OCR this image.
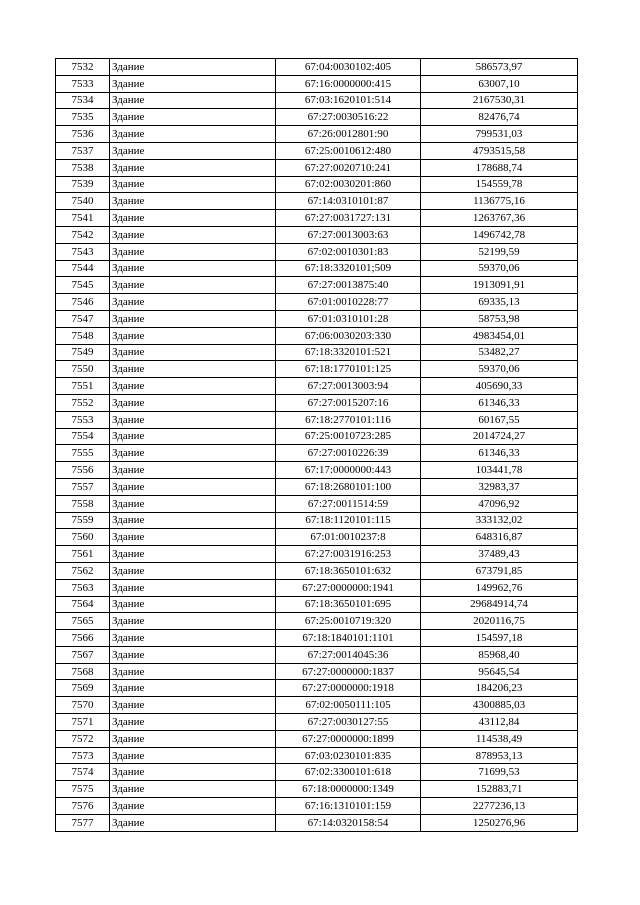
7532	Здание	67:04:0030102:405	586573,97
7533	Здание	67:16:0000000:415	63007,10
7534	Здание	67:03:1620101:514	2167530,31
7535	Здание	67:27:0030516:22	82476,74
7536	Здание	67:26:0012801:90	799531,03
7537	Здание	67:25:0010612:480	4793515,58
7538	Здание	67:27:0020710:241	178688,74
7539	Здание	67:02:0030201:860	154559,78
7540	Здание	67:14:0310101:87	1136775,16
7541	Здание	67:27:0031727:131	1263767,36
7542	Здание	67:27:0013003:63	1496742,78
7543	Здание	67:02:0010301:83	52199,59
7544	Здание	67:18:3320101;509	59370,06
7545	Здание	67:27:0013875:40	1913091,91
7546	Здание	67:01:0010228:77	69335,13
7547	Здание	67:01:0310101:28	58753,98
7548	Здание	67:06:0030203:330	4983454,01
7549	Здание	67:18:3320101:521	53482,27
7550	Здание	67:18:1770101:125	59370,06
7551	Здание	67:27:0013003:94	405690,33
7552	Здание	67:27:0015207:16	61346,33
7553	Здание	67:18:2770101:116	60167,55
7554	Здание	67:25:0010723:285	2014724,27
7555	Здание	67:27:0010226:39	61346,33
7556	Здание	67:17:0000000:443	103441,78
7557	Здание	67:18:2680101:100	32983,37
7558	Здание	67:27:0011514:59	47096,92
7559	Здание	67:18:1120101:115	333132,02
7560	Здание	67:01:0010237:8	648316,87
7561	Здание	67:27:0031916:253	37489,43
7562	Здание	67:18:3650101:632	673791,85
7563	Здание	67:27:0000000:1941	149962,76
7564	Здание	67:18:3650101:695	29684914,74
7565	Здание	67:25:0010719:320	2020116,75
7566	Здание	67:18:1840101:1101	154597,18
7567	Здание	67:27:0014045:36	85968,40
7568	Здание	67:27:0000000:1837	95645,54
7569	Здание	67:27:0000000:1918	184206,23
7570	Здание	67:02:0050111:105	4300885,03
7571	Здание	67:27:0030127:55	43112,84
7572	Здание	67:27:0000000:1899	114538,49
7573	Здание	67:03:0230101:835	878953,13
7574	Здание	67:02:3300101:618	71699,53
7575	Здание	67:18:0000000:1349	152883,71
7576	Здание	67:16:1310101:159	2277236,13
7577	Здание	67:14:0320158:54	1250276,96
